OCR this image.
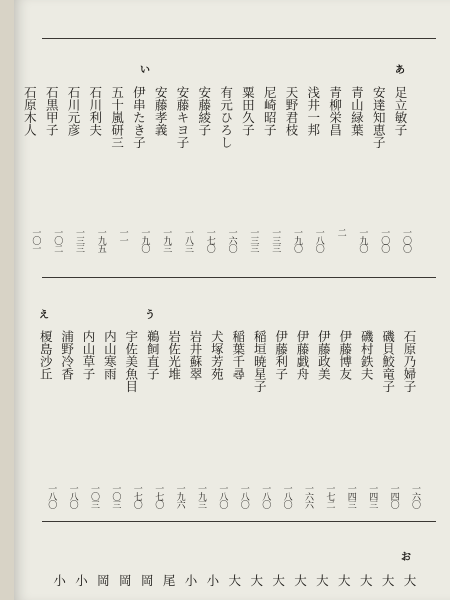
あ
い
足立敏子
一〇〇
安達知恵子
一〇〇
青山緑葉
一九〇
青柳栄昌
二
浅井一邦
一八〇
天野君枝
一九〇
尼崎昭子
一三三
粟田久子
一三三
有元ひろし
一六〇
安藤綾子
一七〇
安藤キヨ子
一八三
安藤孝義
一九三
伊串たき子
一九〇
五十嵐研三
一一
石川利夫
一九五
石川元彦
一三三
石黒甲子
一〇二
石原木人
一〇一
う
え
石原乃婦子
一六〇
磯貝鮫竜子
一四〇
磯村鉄夫
一四三
伊藤博友
一四三
伊藤政美
一七二
伊藤戯舟
一六六
伊藤利子
一八〇
稲垣暁星子
一八〇
稲葉千尋
一八〇
犬塚芳苑
一八〇
岩井蘇翠
一九三
岩佐光堆
一九六
鵜飼直子
一七〇
宇佐美魚目
一七〇
内山寒雨
一〇三
内山草子
一〇三
浦野冷香
一八〇
榎島沙丘
一八〇
お
大
大
大
大
大
大
大
大
大
小
小
尾
岡
岡
岡
小
小
